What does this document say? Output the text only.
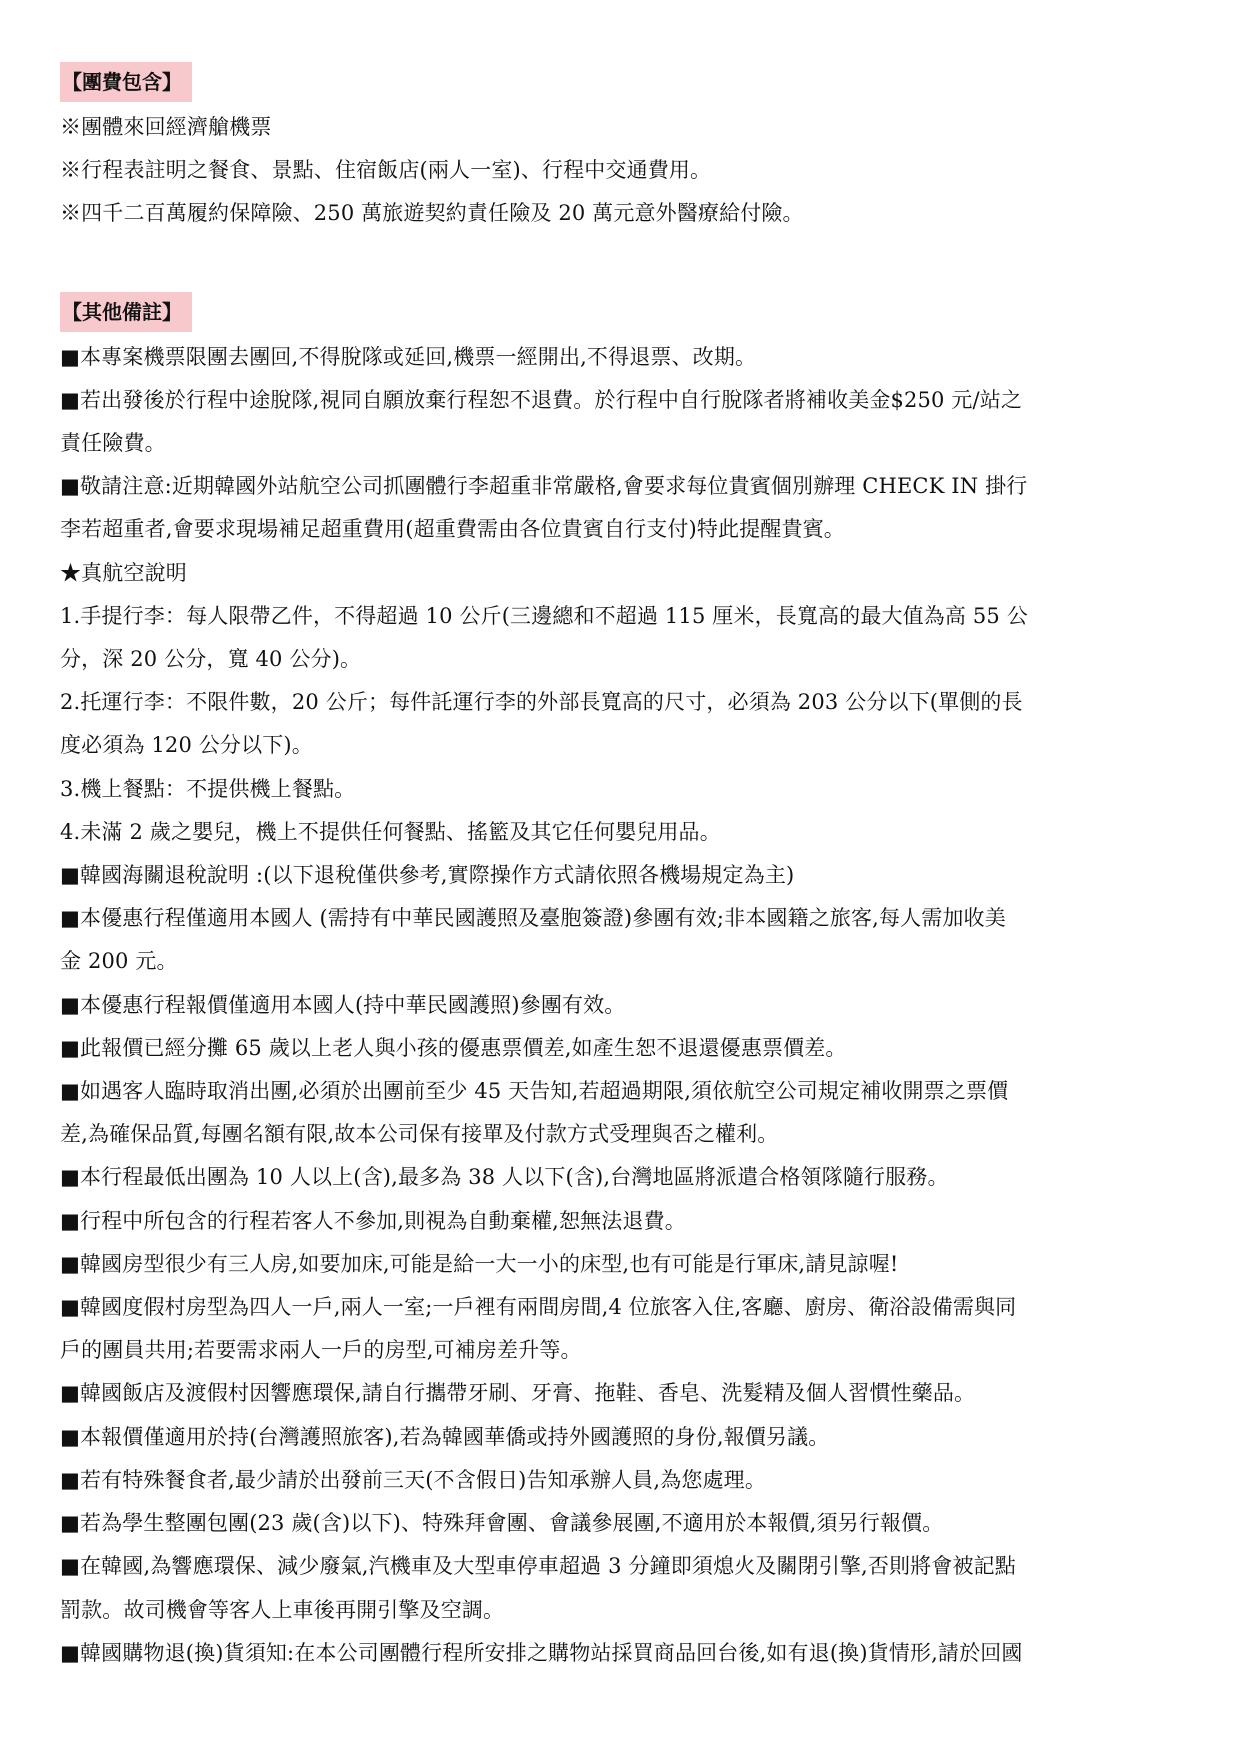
【團費包含】
※團體來回經濟艙機票
※行程表註明之餐食、景點、住宿飯店(兩人一室)、行程中交通費用。
※四千二百萬履約保障險、250 萬旅遊契約責任險及 20 萬元意外醫療給付險。
【其他備註】
■本專案機票限團去團回,不得脫隊或延回,機票一經開出,不得退票、改期。
■若出發後於行程中途脫隊,視同自願放棄行程恕不退費。於行程中自行脫隊者將補收美金$250 元/站之
責任險費。
■敬請注意:近期韓國外站航空公司抓團體行李超重非常嚴格,會要求每位貴賓個別辦理 CHECK IN 掛行
李若超重者,會要求現場補足超重費用(超重費需由各位貴賓自行支付)特此提醒貴賓。
★真航空說明
1.手提行李：每人限帶乙件，不得超過 10 公斤(三邊總和不超過 115 厘米，長寬高的最大值為高 55 公
分，深 20 公分，寬 40 公分)。
2.托運行李：不限件數，20 公斤；每件託運行李的外部長寬高的尺寸，必須為 203 公分以下(單側的長
度必須為 120 公分以下)。
3.機上餐點：不提供機上餐點。
4.未滿 2 歲之嬰兒，機上不提供任何餐點、搖籃及其它任何嬰兒用品。
■韓國海關退稅說明 :(以下退稅僅供參考,實際操作方式請依照各機場規定為主)
■本優惠行程僅適用本國人 (需持有中華民國護照及臺胞簽證)參團有效;非本國籍之旅客,每人需加收美
金 200 元。
■本優惠行程報價僅適用本國人(持中華民國護照)參團有效。
■此報價已經分攤 65 歲以上老人與小孩的優惠票價差,如產生恕不退還優惠票價差。
■如遇客人臨時取消出團,必須於出團前至少 45 天告知,若超過期限,須依航空公司規定補收開票之票價
差,為確保品質,每團名額有限,故本公司保有接單及付款方式受理與否之權利。
■本行程最低出團為 10 人以上(含),最多為 38 人以下(含),台灣地區將派遣合格領隊隨行服務。
■行程中所包含的行程若客人不參加,則視為自動棄權,恕無法退費。
■韓國房型很少有三人房,如要加床,可能是給一大一小的床型,也有可能是行軍床,請見諒喔!
■韓國度假村房型為四人一戶,兩人一室;一戶裡有兩間房間,4 位旅客入住,客廳、廚房、衛浴設備需與同
戶的團員共用;若要需求兩人一戶的房型,可補房差升等。
■韓國飯店及渡假村因響應環保,請自行攜帶牙刷、牙膏、拖鞋、香皂、洗髮精及個人習慣性藥品。
■本報價僅適用於持(台灣護照旅客),若為韓國華僑或持外國護照的身份,報價另議。
■若有特殊餐食者,最少請於出發前三天(不含假日)告知承辦人員,為您處理。
■若為學生整團包團(23 歲(含)以下)、特殊拜會團、會議參展團,不適用於本報價,須另行報價。
■在韓國,為響應環保、減少廢氣,汽機車及大型車停車超過 3 分鐘即須熄火及關閉引擎,否則將會被記點
罰款。故司機會等客人上車後再開引擎及空調。
■韓國購物退(換)貨須知:在本公司團體行程所安排之購物站採買商品回台後,如有退(換)貨情形,請於回國
